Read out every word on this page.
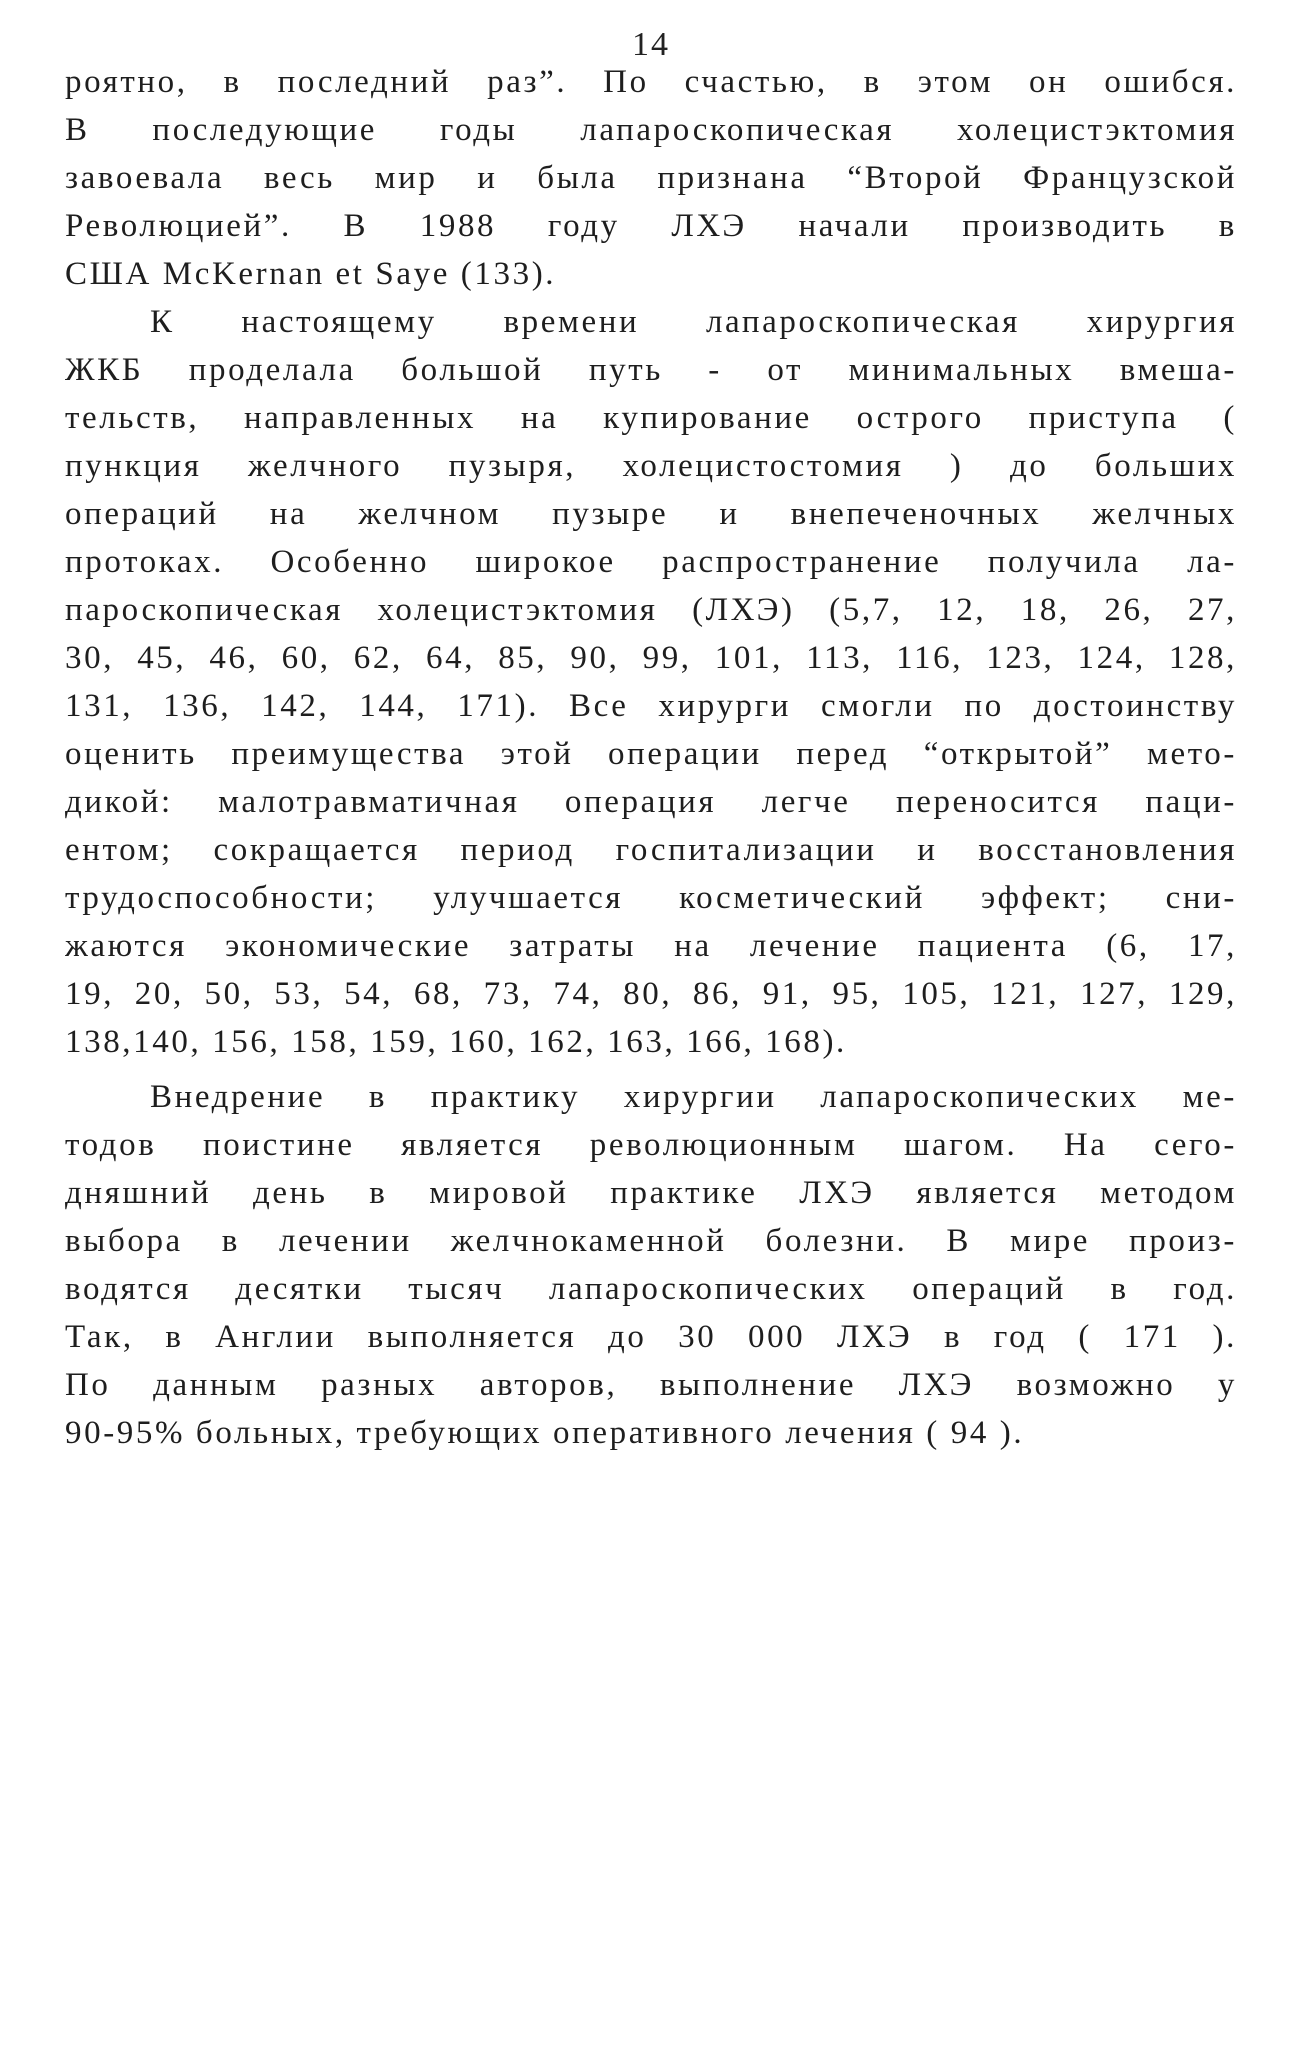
14
роятно, в последний раз”. По счастью, в этом он ошибся.
В последующие годы лапароскопическая холецистэктомия
завоевала весь мир и была признана “Второй Французской
Революцией”. В 1988 году ЛХЭ начали производить в
США McKernan et Saye (133).
К настоящему времени лапароскопическая хирургия
ЖКБ проделала большой путь - от минимальных вмеша-
тельств, направленных на купирование острого приступа (
пункция желчного пузыря, холецистостомия ) до больших
операций на желчном пузыре и внепеченочных желчных
протоках. Особенно широкое распространение получила ла-
пароскопическая холецистэктомия (ЛХЭ) (5,7, 12, 18, 26, 27,
30, 45, 46, 60, 62, 64, 85, 90, 99, 101, 113, 116, 123, 124, 128,
131, 136, 142, 144, 171). Все хирурги смогли по достоинству
оценить преимущества этой операции перед “открытой” мето-
дикой: малотравматичная операция легче переносится паци-
ентом; сокращается период госпитализации и восстановления
трудоспособности; улучшается косметический эффект; сни-
жаются экономические затраты на лечение пациента (6, 17,
19, 20, 50, 53, 54, 68, 73, 74, 80, 86, 91, 95, 105, 121, 127, 129,
138,140, 156, 158, 159, 160, 162, 163, 166, 168).
Внедрение в практику хирургии лапароскопических ме-
тодов поистине является революционным шагом. На сего-
дняшний день в мировой практике ЛХЭ является методом
выбора в лечении желчнокаменной болезни. В мире произ-
водятся десятки тысяч лапароскопических операций в год.
Так, в Англии выполняется до 30 000 ЛХЭ в год ( 171 ).
По данным разных авторов, выполнение ЛХЭ возможно у
90-95% больных, требующих оперативного лечения ( 94 ).
